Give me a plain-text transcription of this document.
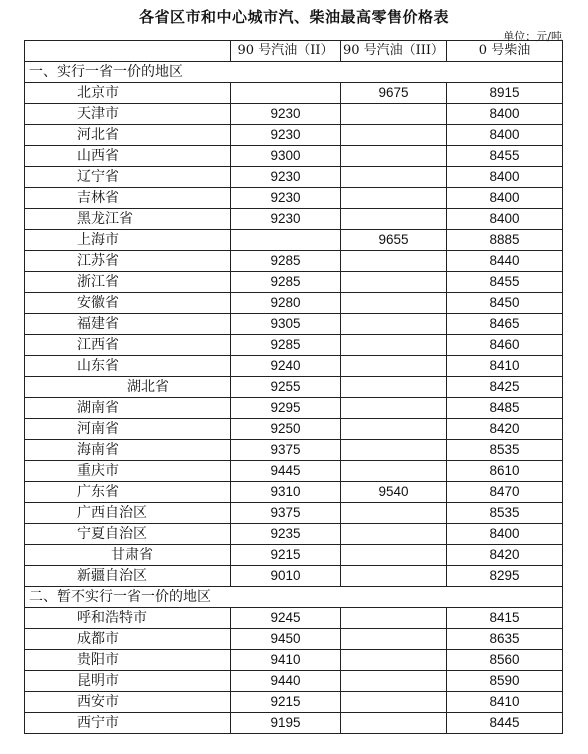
各省区市和中心城市汽、柴油最高零售价格表
单位：元/吨
	90 号汽油（II）	90 号汽油（III）	0 号柴油
一、实行一省一价的地区			
北京市		9675	8915
天津市	9230		8400
河北省	9230		8400
山西省	9300		8455
辽宁省	9230		8400
吉林省	9230		8400
黑龙江省	9230		8400
上海市		9655	8885
江苏省	9285		8440
浙江省	9285		8455
安徽省	9280		8450
福建省	9305		8465
江西省	9285		8460
山东省	9240		8410
湖北省	9255		8425
湖南省	9295		8485
河南省	9250		8420
海南省	9375		8535
重庆市	9445		8610
广东省	9310	9540	8470
广西自治区	9375		8535
宁夏自治区	9235		8400
甘肃省	9215		8420
新疆自治区	9010		8295
二、暂不实行一省一价的地区			
呼和浩特市	9245		8415
成都市	9450		8635
贵阳市	9410		8560
昆明市	9440		8590
西安市	9215		8410
西宁市	9195		8445
